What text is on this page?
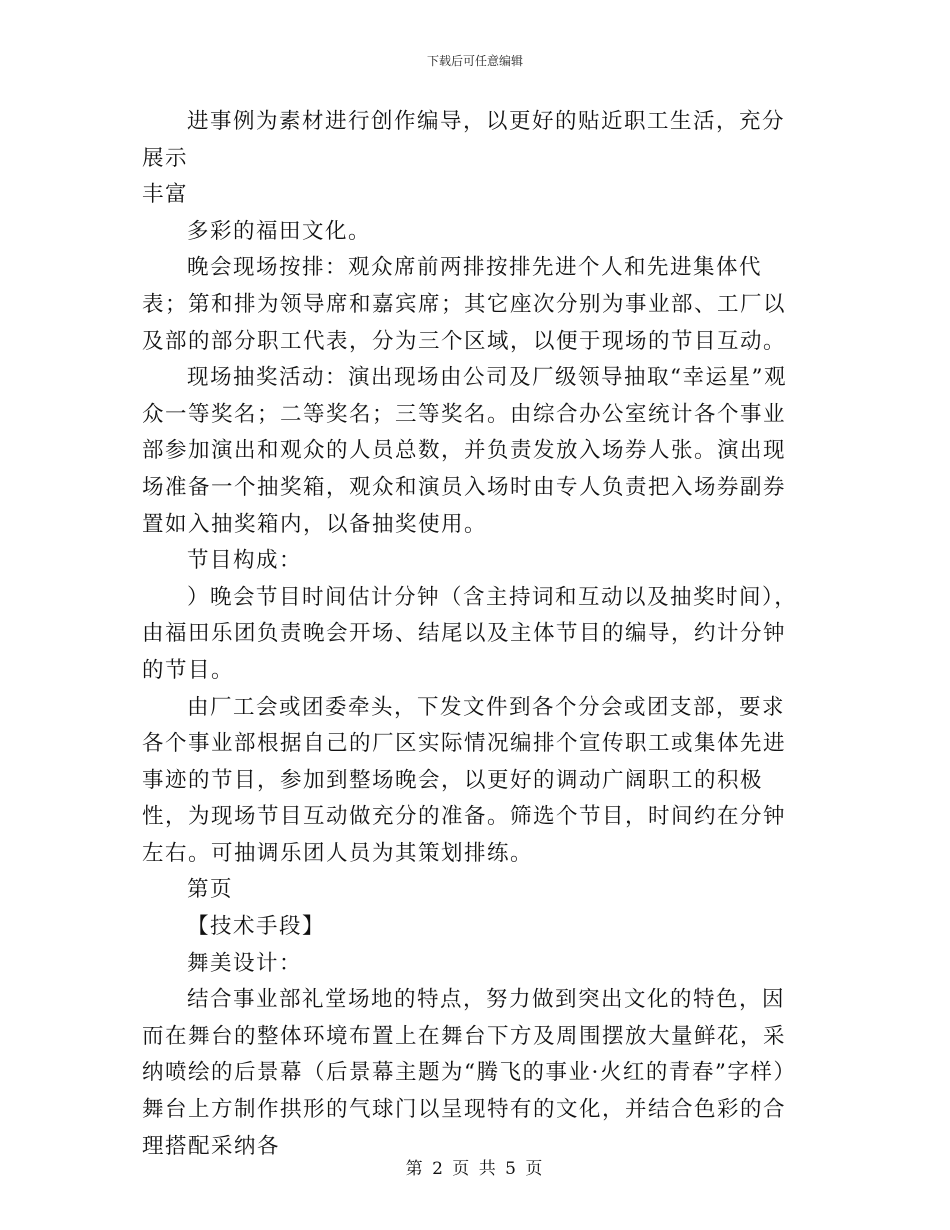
下载后可任意编辑

进事例为素材进行创作编导，以更好的贴近职工生活，充分展示

丰富

多彩的福田文化。

晚会现场按排：观众席前两排按排先进个人和先进集体代表；第和排为领导席和嘉宾席；其它座次分别为事业部、工厂以及部的部分职工代表，分为三个区域，以便于现场的节目互动。

现场抽奖活动：演出现场由公司及厂级领导抽取“幸运星”观众一等奖名；二等奖名；三等奖名。由综合办公室统计各个事业部参加演出和观众的人员总数，并负责发放入场券人张。演出现场准备一个抽奖箱，观众和演员入场时由专人负责把入场券副券置如入抽奖箱内，以备抽奖使用。

节目构成：

）晚会节目时间估计分钟（含主持词和互动以及抽奖时间），由福田乐团负责晚会开场、结尾以及主体节目的编导，约计分钟的节目。

由厂工会或团委牵头，下发文件到各个分会或团支部，要求各个事业部根据自己的厂区实际情况编排个宣传职工或集体先进事迹的节目，参加到整场晚会，以更好的调动广阔职工的积极性，为现场节目互动做充分的准备。筛选个节目，时间约在分钟左右。可抽调乐团人员为其策划排练。

第页

【技术手段】

舞美设计：

结合事业部礼堂场地的特点，努力做到突出文化的特色，因而在舞台的整体环境布置上在舞台下方及周围摆放大量鲜花，采纳喷绘的后景幕（后景幕主题为“腾飞的事业·火红的青春”字样）舞台上方制作拱形的气球门以呈现特有的文化，并结合色彩的合理搭配采纳各

第 2 页 共 5 页
